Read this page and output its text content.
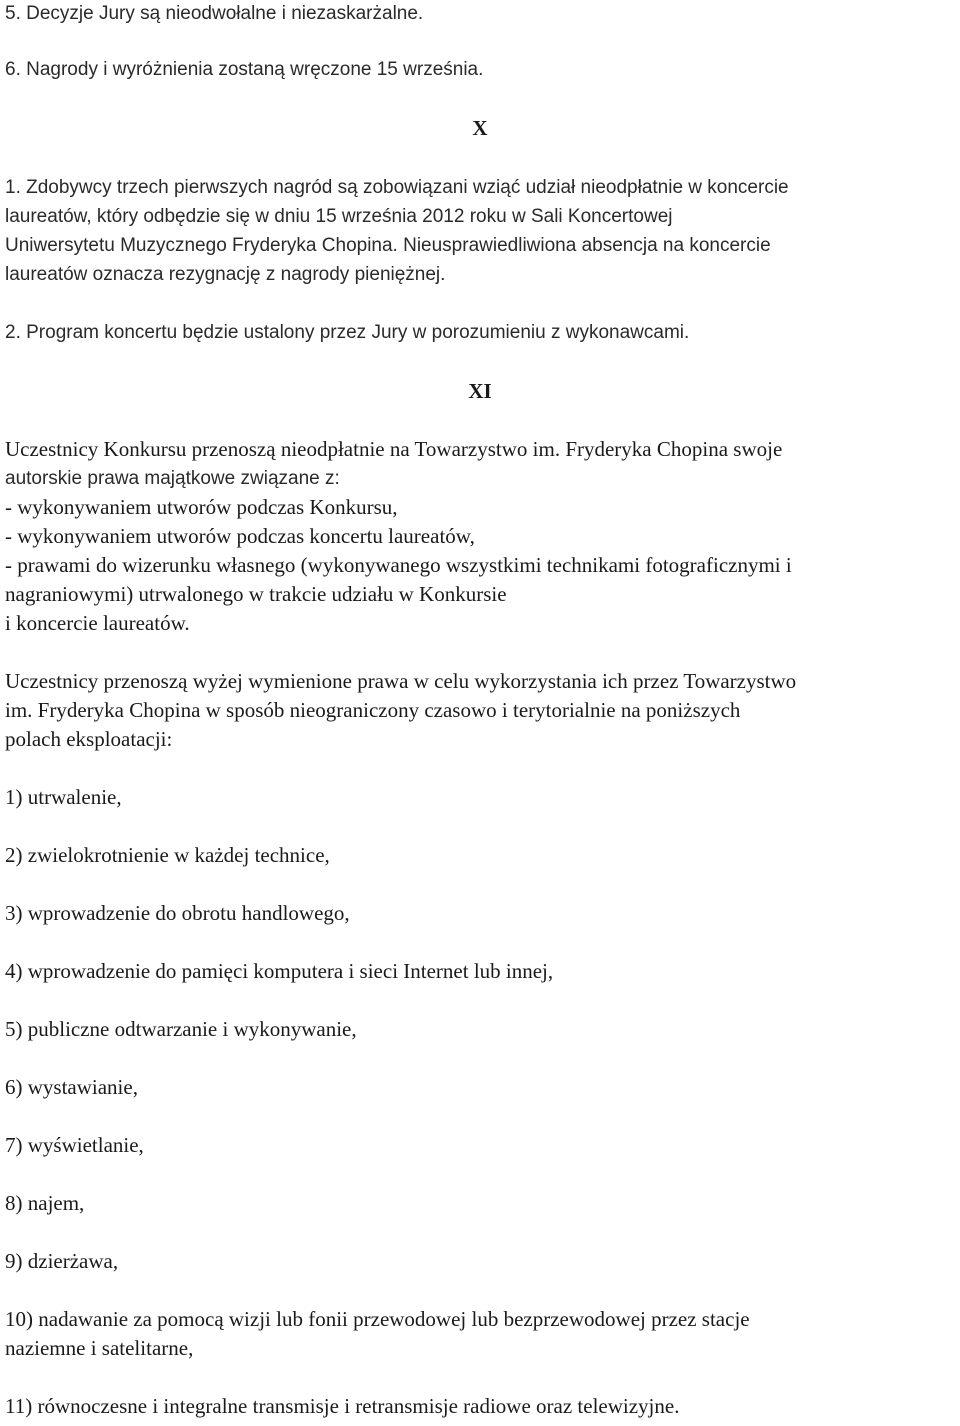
5. Decyzje Jury są nieodwołalne i niezaskarżalne.

6. Nagrody i wyróżnienia zostaną wręczone 15 września.

X

1. Zdobywcy trzech pierwszych nagród są zobowiązani wziąć udział nieodpłatnie w koncercie

laureatów, który odbędzie się w dniu 15 września 2012 roku w Sali Koncertowej

Uniwersytetu Muzycznego Fryderyka Chopina. Nieusprawiedliwiona absencja na koncercie

laureatów oznacza rezygnację z nagrody pieniężnej.

2. Program koncertu będzie ustalony przez Jury w porozumieniu z wykonawcami.

XI

Uczestnicy Konkursu przenoszą nieodpłatnie na Towarzystwo im. Fryderyka Chopina swoje

autorskie prawa majątkowe związane z:

- wykonywaniem utworów podczas Konkursu,

- wykonywaniem utworów podczas koncertu laureatów,

- prawami do wizerunku własnego (wykonywanego wszystkimi technikami fotograficznymi i

nagraniowymi) utrwalonego w trakcie udziału w Konkursie

i koncercie laureatów.

Uczestnicy przenoszą wyżej wymienione prawa w celu wykorzystania ich przez Towarzystwo

im. Fryderyka Chopina w sposób nieograniczony czasowo i terytorialnie na poniższych

polach eksploatacji:

1) utrwalenie,

2) zwielokrotnienie w każdej technice,

3) wprowadzenie do obrotu handlowego,

4) wprowadzenie do pamięci komputera i sieci Internet lub innej,

5) publiczne odtwarzanie i wykonywanie,

6) wystawianie,

7) wyświetlanie,

8) najem,

9) dzierżawa,

10) nadawanie za pomocą wizji lub fonii przewodowej lub bezprzewodowej przez stacje

naziemne i satelitarne,

11) równoczesne i integralne transmisje i retransmisje radiowe oraz telewizyjne.
